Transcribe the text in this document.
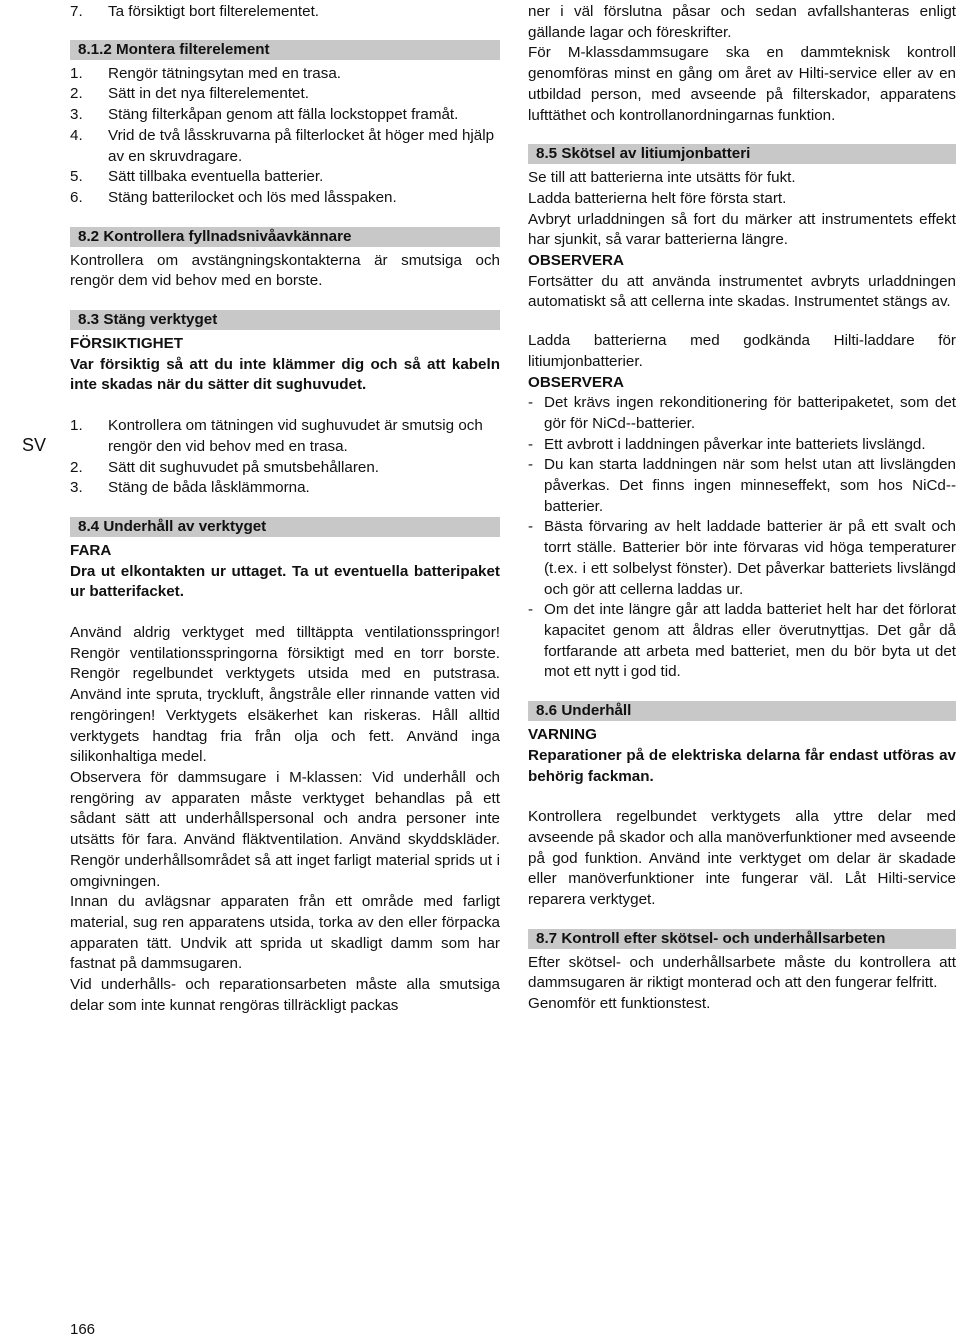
SV
7.	Ta försiktigt bort filterelementet.
8.1.2 Montera filterelement
1.	Rengör tätningsytan med en trasa.
2.	Sätt in det nya filterelementet.
3.	Stäng filterkåpan genom att fälla lockstoppet framåt.
4.	Vrid de två låsskruvarna på filterlocket åt höger med hjälp av en skruvdragare.
5.	Sätt tillbaka eventuella batterier.
6.	Stäng batterilocket och lös med låsspaken.
8.2 Kontrollera fyllnadsnivåavkännare

Kontrollera om avstängningskontakterna är smutsiga och rengör dem vid behov med en borste.

8.3 Stäng verktyget

FÖRSIKTIGHET

Var försiktig så att du inte klämmer dig och så att kabeln inte skadas när du sätter dit sughuvudet.

1.	Kontrollera om tätningen vid sughuvudet är smutsig och rengör den vid behov med en trasa.
2.	Sätt dit sughuvudet på smutsbehållaren.
3.	Stäng de båda låsklämmorna.
8.4 Underhåll av verktyget

FARA

Dra ut elkontakten ur uttaget. Ta ut eventuella batteripaket ur batterifacket.

Använd aldrig verktyget med tilltäppta ventilationsspringor! Rengör ventilationsspringorna försiktigt med en torr borste. Rengör regelbundet verktygets utsida med en putstrasa. Använd inte spruta, tryckluft, ångstråle eller rinnande vatten vid rengöringen! Verktygets elsäkerhet kan riskeras. Håll alltid verktygets handtag fria från olja och fett. Använd inga silikonhaltiga medel.

Observera för dammsugare i M-klassen: Vid underhåll och rengöring av apparaten måste verktyget behandlas på ett sådant sätt att underhållspersonal och andra personer inte utsätts för fara. Använd fläktventilation. Använd skyddskläder. Rengör underhållsområdet så att inget farligt material sprids ut i omgivningen.

Innan du avlägsnar apparaten från ett område med farligt material, sug ren apparatens utsida, torka av den eller förpacka apparaten tätt. Undvik att sprida ut skadligt damm som har fastnat på dammsugaren.

Vid underhålls- och reparationsarbeten måste alla smutsiga delar som inte kunnat rengöras tillräckligt packas

ner i väl förslutna påsar och sedan avfallshanteras enligt gällande lagar och föreskrifter.

För M-klassdammsugare ska en dammteknisk kontroll genomföras minst en gång om året av Hilti-service eller av en utbildad person, med avseende på filterskador, apparatens lufttäthet och kontrollanordningarnas funktion.

8.5 Skötsel av litiumjonbatteri

Se till att batterierna inte utsätts för fukt.

Ladda batterierna helt före första start.

Avbryt urladdningen så fort du märker att instrumentets effekt har sjunkit, så varar batterierna längre.

OBSERVERA

Fortsätter du att använda instrumentet avbryts urladdningen automatiskt så att cellerna inte skadas. Instrumentet stängs av.

Ladda batterierna med godkända Hilti-laddare för litiumjonbatterier.

OBSERVERA

- Det krävs ingen rekonditionering för batteripaketet, som det gör för NiCd--batterier.
- Ett avbrott i laddningen påverkar inte batteriets livslängd.
- Du kan starta laddningen när som helst utan att livslängden påverkas. Det finns ingen minneseffekt, som hos NiCd--batterier.
- Bästa förvaring av helt laddade batterier är på ett svalt och torrt ställe. Batterier bör inte förvaras vid höga temperaturer (t.ex. i ett solbelyst fönster). Det påverkar batteriets livslängd och gör att cellerna laddas ur.
- Om det inte längre går att ladda batteriet helt har det förlorat kapacitet genom att åldras eller överutnyttjas. Det går då fortfarande att arbeta med batteriet, men du bör byta ut det mot ett nytt i god tid.
8.6 Underhåll

VARNING

Reparationer på de elektriska delarna får endast utföras av behörig fackman.

Kontrollera regelbundet verktygets alla yttre delar med avseende på skador och alla manöverfunktioner med avseende på god funktion. Använd inte verktyget om delar är skadade eller manöverfunktioner inte fungerar väl. Låt Hilti-service reparera verktyget.

8.7 Kontroll efter skötsel- och underhållsarbeten

Efter skötsel- och underhållsarbete måste du kontrollera att dammsugaren är riktigt monterad och att den fungerar felfritt.

Genomför ett funktionstest.

166
